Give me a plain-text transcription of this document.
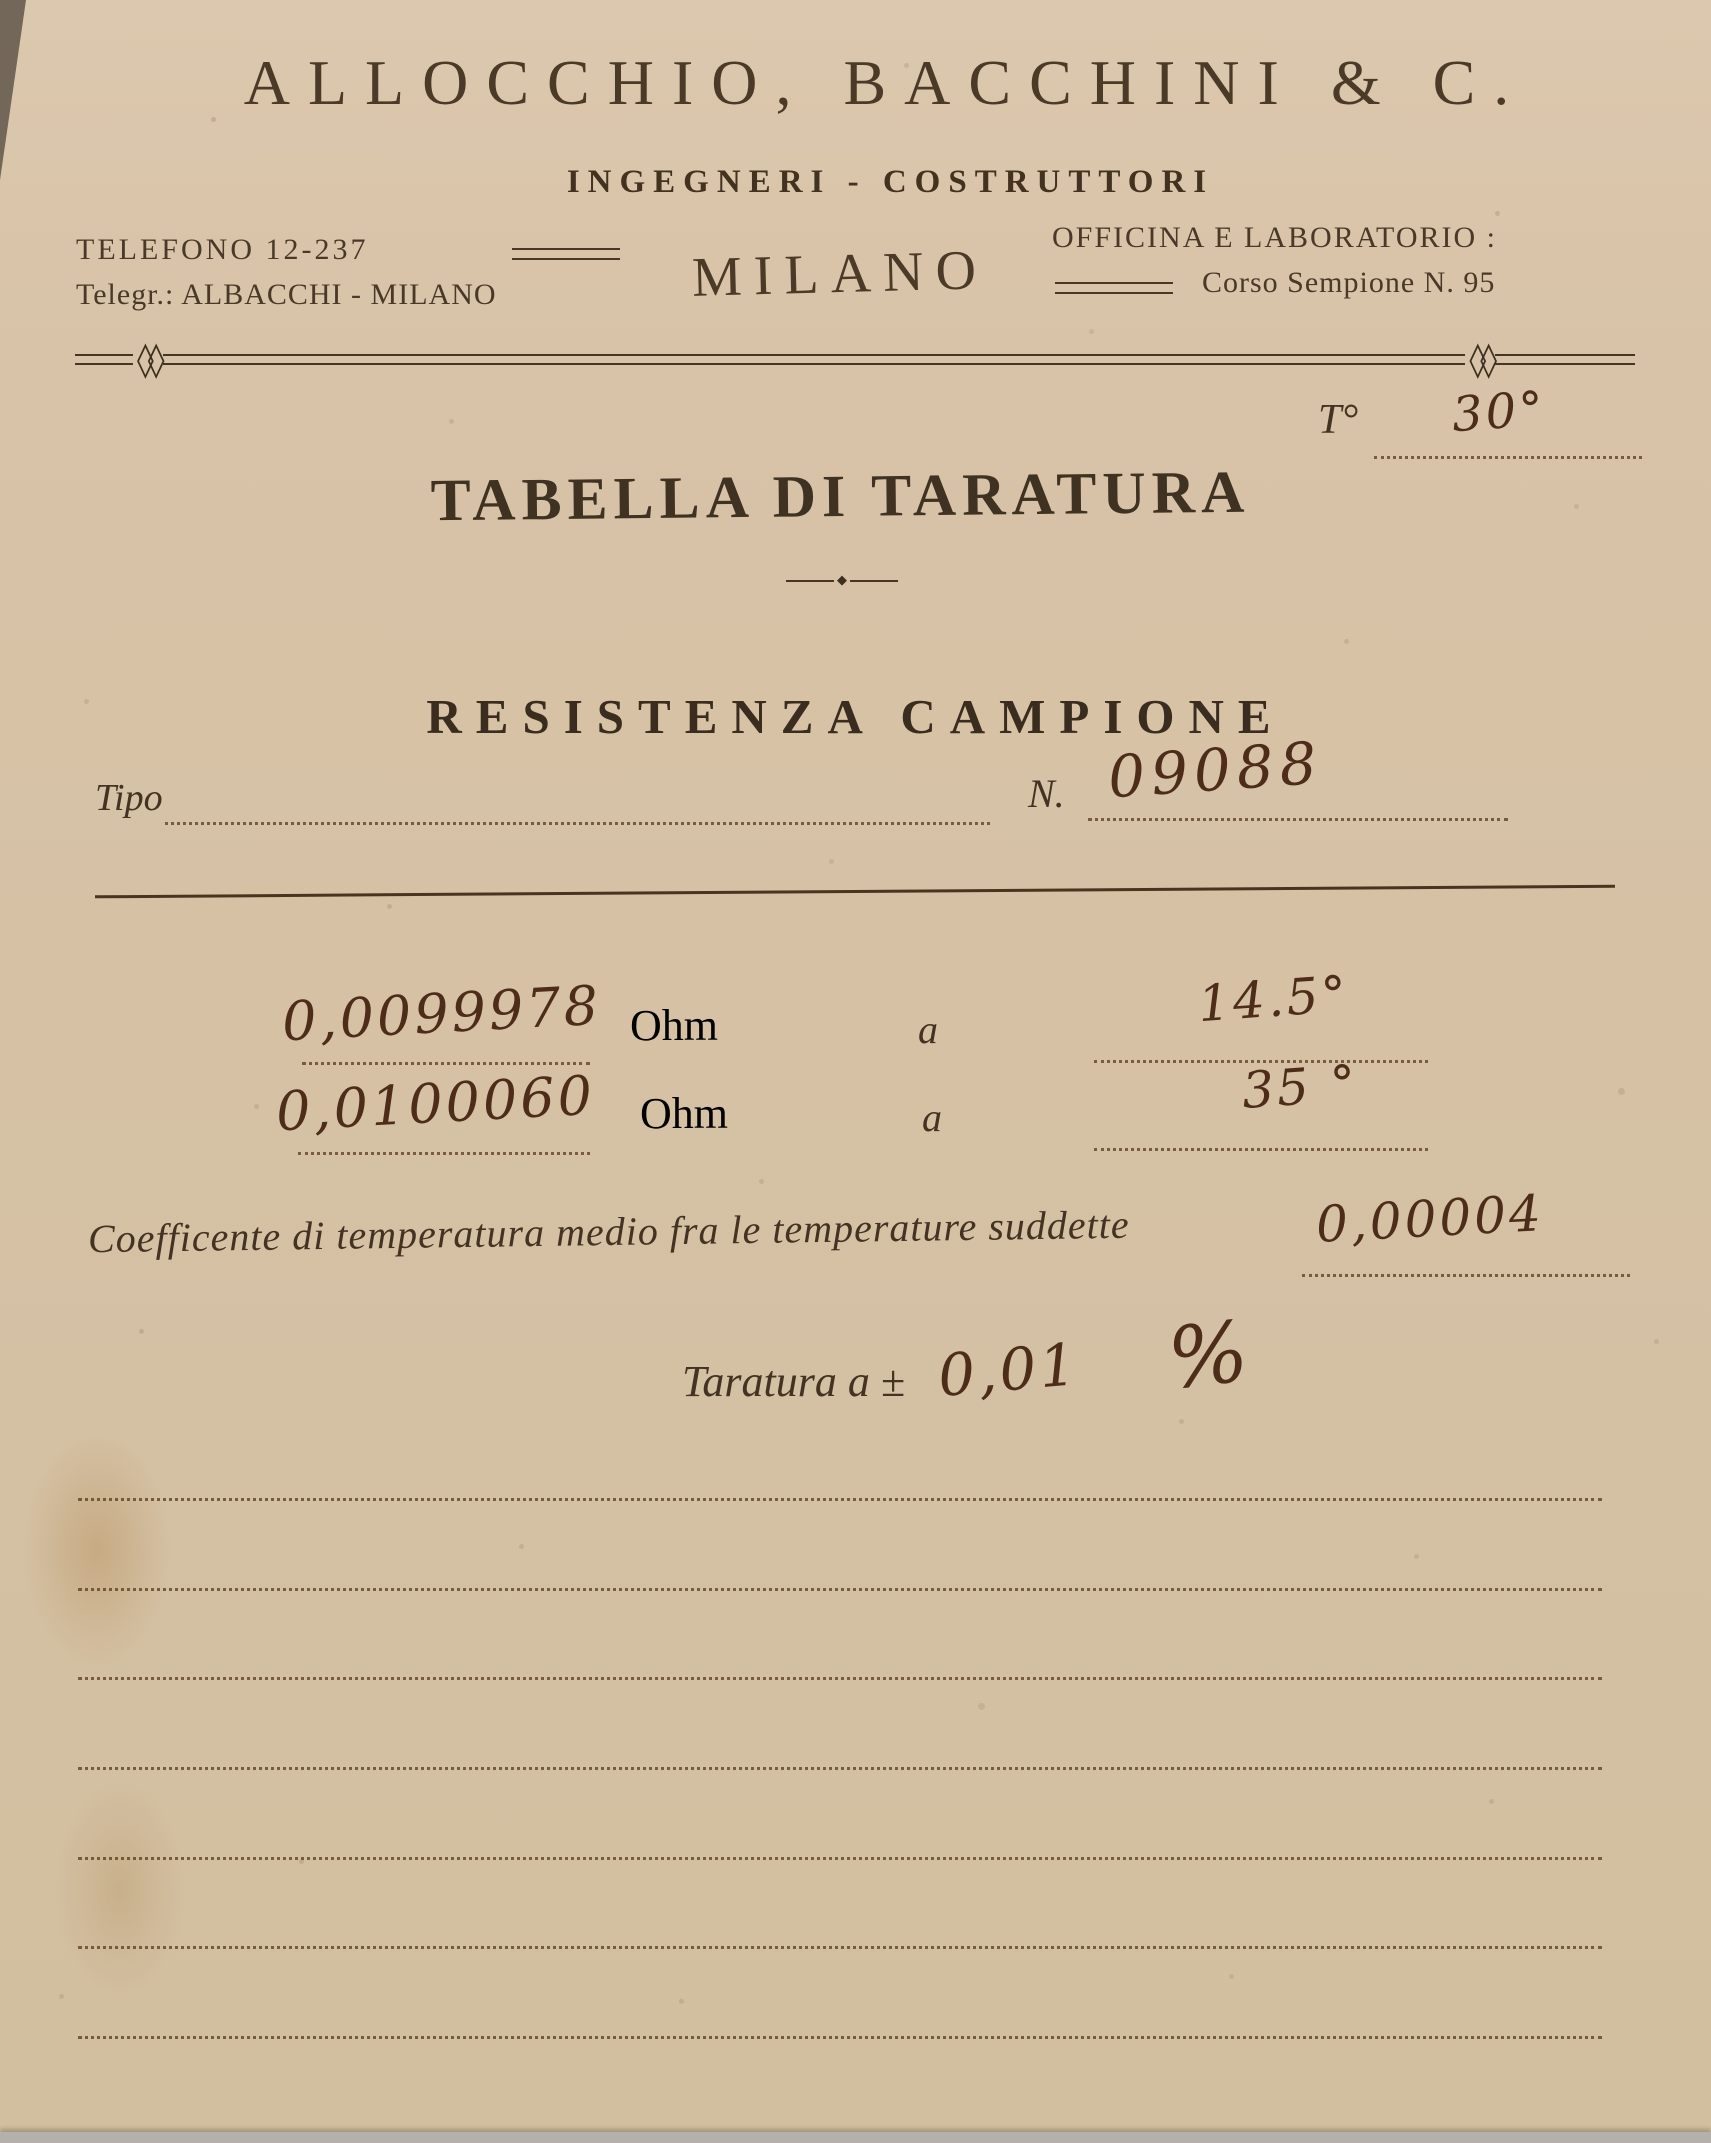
ALLOCCHIO, BACCHINI & C.
INGEGNERI - COSTRUTTORI
TELEFONO 12-237
Telegr.: ALBACCHI - MILANO	MILANO
OFFICINA E LABORATORIO :
Corso Sempione N. 95
◊◊	◊◊
T° 30°
TABELLA DI TARATURA
◆
RESISTENZA CAMPIONE
Tipo	N. 09088
0,0099978 Ohm	a	14.5°
0,0100060 Ohm	a	35 °
Coefficente di temperatura medio fra le temperature suddette	0,00004
Taratura a ± 0,01 %
